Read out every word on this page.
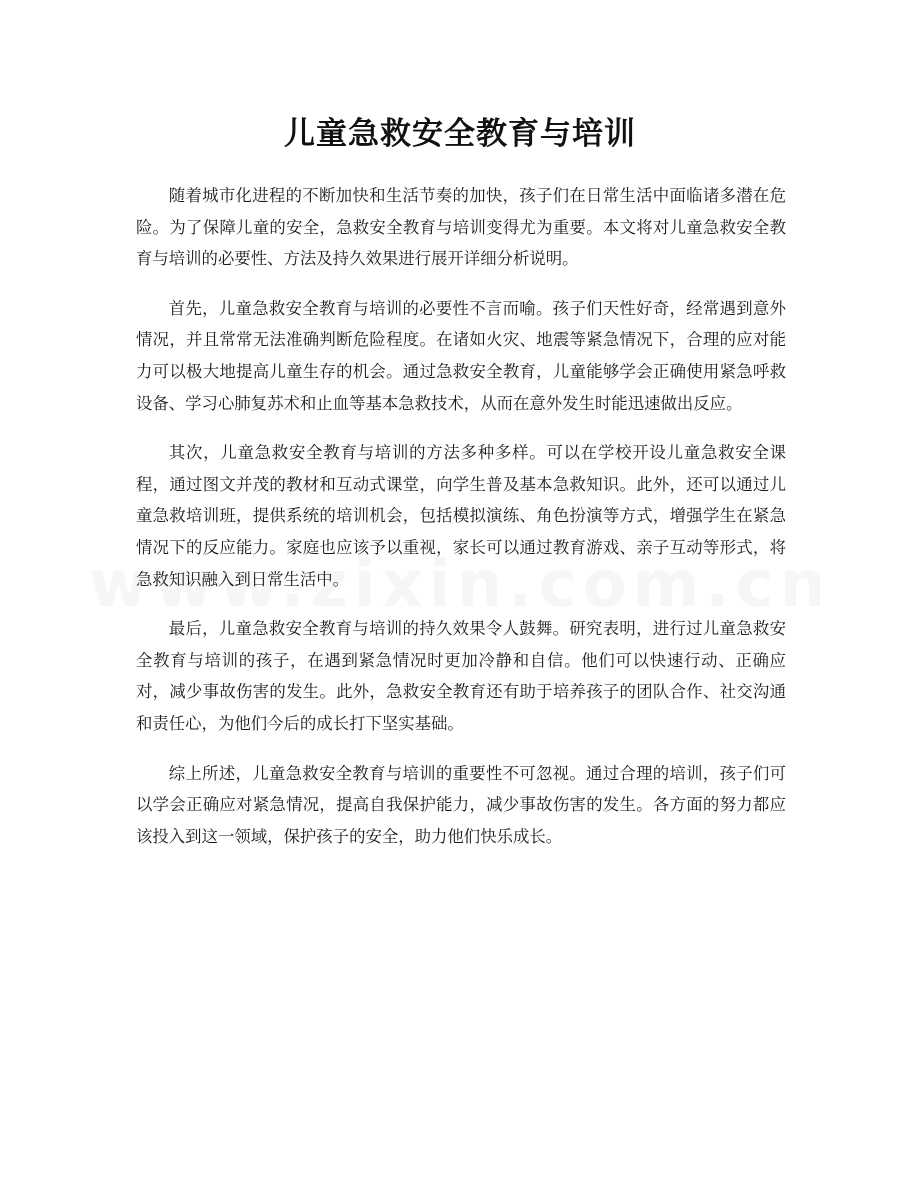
儿童急救安全教育与培训

随着城市化进程的不断加快和生活节奏的加快，孩子们在日常生活中面临诸多潜在危险。为了保障儿童的安全，急救安全教育与培训变得尤为重要。本文将对儿童急救安全教育与培训的必要性、方法及持久效果进行展开详细分析说明。

首先，儿童急救安全教育与培训的必要性不言而喻。孩子们天性好奇，经常遇到意外情况，并且常常无法准确判断危险程度。在诸如火灾、地震等紧急情况下，合理的应对能力可以极大地提高儿童生存的机会。通过急救安全教育，儿童能够学会正确使用紧急呼救设备、学习心肺复苏术和止血等基本急救技术，从而在意外发生时能迅速做出反应。

其次，儿童急救安全教育与培训的方法多种多样。可以在学校开设儿童急救安全课程，通过图文并茂的教材和互动式课堂，向学生普及基本急救知识。此外，还可以通过儿童急救培训班，提供系统的培训机会，包括模拟演练、角色扮演等方式，增强学生在紧急情况下的反应能力。家庭也应该予以重视，家长可以通过教育游戏、亲子互动等形式，将急救知识融入到日常生活中。

最后，儿童急救安全教育与培训的持久效果令人鼓舞。研究表明，进行过儿童急救安全教育与培训的孩子，在遇到紧急情况时更加冷静和自信。他们可以快速行动、正确应对，减少事故伤害的发生。此外，急救安全教育还有助于培养孩子的团队合作、社交沟通和责任心，为他们今后的成长打下坚实基础。

综上所述，儿童急救安全教育与培训的重要性不可忽视。通过合理的培训，孩子们可以学会正确应对紧急情况，提高自我保护能力，减少事故伤害的发生。各方面的努力都应该投入到这一领域，保护孩子的安全，助力他们快乐成长。
